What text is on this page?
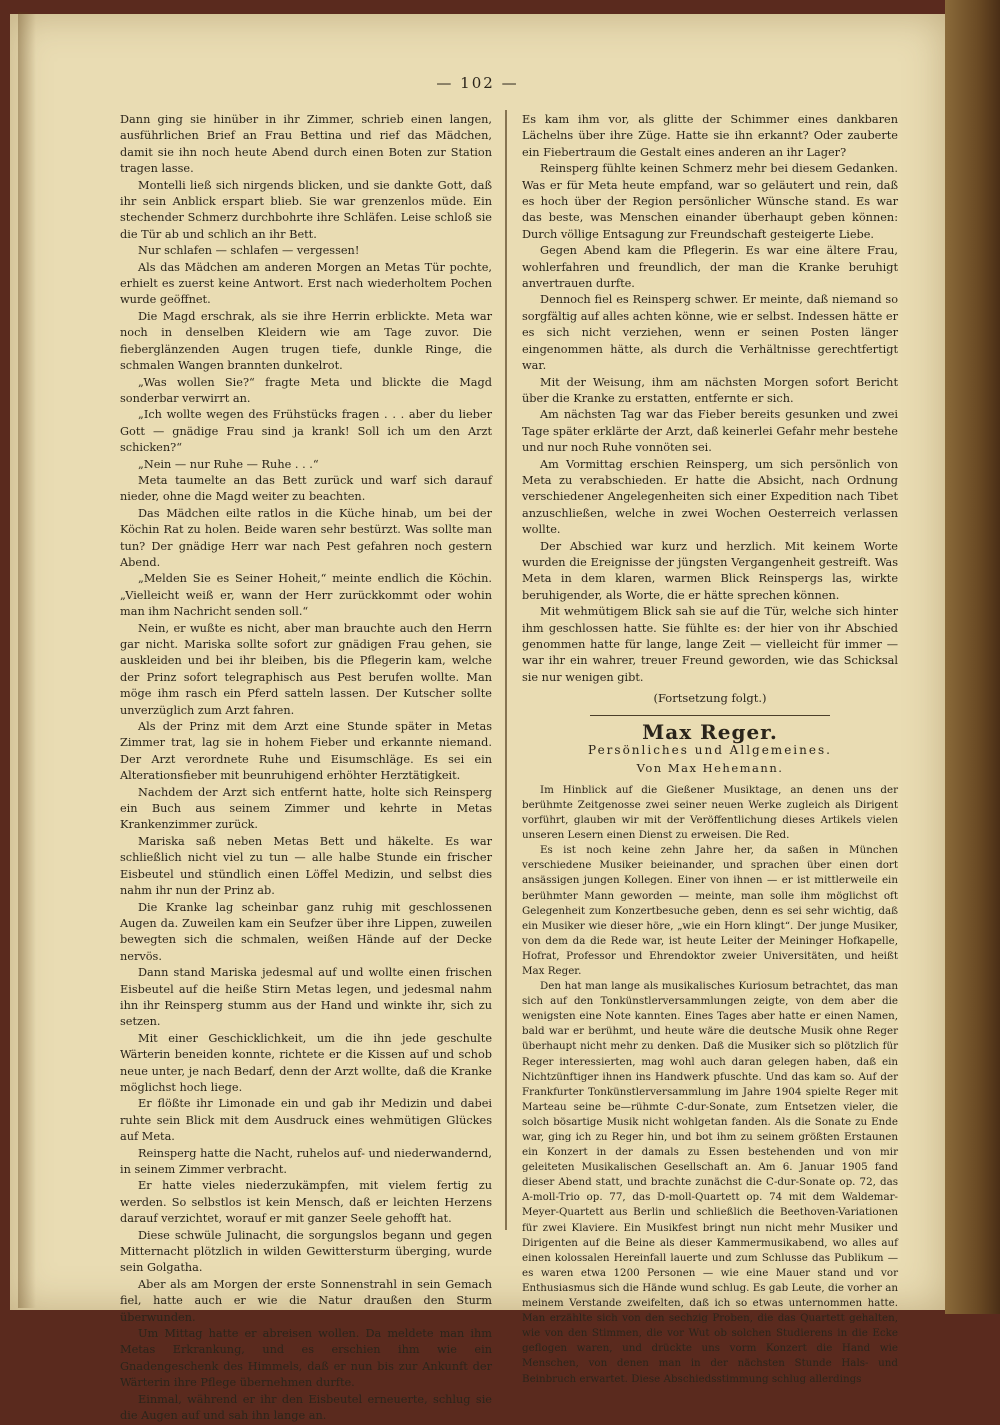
— 102 —

Dann ging sie hinüber in ihr Zimmer, schrieb einen langen, ausführlichen Brief an Frau Bettina und rief das Mädchen, damit sie ihn noch heute Abend durch einen Boten zur Station tragen lasse.

Montelli ließ sich nirgends blicken, und sie dankte Gott, daß ihr sein Anblick erspart blieb. Sie war grenzenlos müde. Ein stechender Schmerz durchbohrte ihre Schläfen. Leise schloß sie die Tür ab und schlich an ihr Bett.

Nur schlafen — schlafen — vergessen!

Als das Mädchen am anderen Morgen an Metas Tür pochte, erhielt es zuerst keine Antwort. Erst nach wiederholtem Pochen wurde geöffnet.

Die Magd erschrak, als sie ihre Herrin erblickte. Meta war noch in denselben Kleidern wie am Tage zuvor. Die fieberglänzenden Augen trugen tiefe, dunkle Ringe, die schmalen Wangen brannten dunkelrot.

„Was wollen Sie?“ fragte Meta und blickte die Magd sonderbar verwirrt an.

„Ich wollte wegen des Frühstücks fragen . . . aber du lieber Gott — gnädige Frau sind ja krank! Soll ich um den Arzt schicken?“

„Nein — nur Ruhe — Ruhe . . .“

Meta taumelte an das Bett zurück und warf sich darauf nieder, ohne die Magd weiter zu beachten.

Das Mädchen eilte ratlos in die Küche hinab, um bei der Köchin Rat zu holen. Beide waren sehr bestürzt. Was sollte man tun? Der gnädige Herr war nach Pest gefahren noch gestern Abend.

„Melden Sie es Seiner Hoheit,“ meinte endlich die Köchin. „Vielleicht weiß er, wann der Herr zurückkommt oder wohin man ihm Nachricht senden soll.“

Nein, er wußte es nicht, aber man brauchte auch den Herrn gar nicht. Mariska sollte sofort zur gnädigen Frau gehen, sie auskleiden und bei ihr bleiben, bis die Pflegerin kam, welche der Prinz sofort telegraphisch aus Pest berufen wollte. Man möge ihm rasch ein Pferd satteln lassen. Der Kutscher sollte unverzüglich zum Arzt fahren.

Als der Prinz mit dem Arzt eine Stunde später in Metas Zimmer trat, lag sie in hohem Fieber und erkannte niemand. Der Arzt verordnete Ruhe und Eisumschläge. Es sei ein Alterationsfieber mit beunruhigend erhöhter Herztätigkeit.

Nachdem der Arzt sich entfernt hatte, holte sich Reinsperg ein Buch aus seinem Zimmer und kehrte in Metas Krankenzimmer zurück.

Mariska saß neben Metas Bett und häkelte. Es war schließlich nicht viel zu tun — alle halbe Stunde ein frischer Eisbeutel und stündlich einen Löffel Medizin, und selbst dies nahm ihr nun der Prinz ab.

Die Kranke lag scheinbar ganz ruhig mit geschlossenen Augen da. Zuweilen kam ein Seufzer über ihre Lippen, zuweilen bewegten sich die schmalen, weißen Hände auf der Decke nervös.

Dann stand Mariska jedesmal auf und wollte einen frischen Eisbeutel auf die heiße Stirn Metas legen, und jedesmal nahm ihn ihr Reinsperg stumm aus der Hand und winkte ihr, sich zu setzen.

Mit einer Geschicklichkeit, um die ihn jede geschulte Wärterin beneiden konnte, richtete er die Kissen auf und schob neue unter, je nach Bedarf, denn der Arzt wollte, daß die Kranke möglichst hoch liege.

Er flößte ihr Limonade ein und gab ihr Medizin und dabei ruhte sein Blick mit dem Ausdruck eines wehmütigen Glückes auf Meta.

Reinsperg hatte die Nacht, ruhelos auf- und niederwandernd, in seinem Zimmer verbracht.

Er hatte vieles niederzukämpfen, mit vielem fertig zu werden. So selbstlos ist kein Mensch, daß er leichten Herzens darauf verzichtet, worauf er mit ganzer Seele gehofft hat.

Diese schwüle Julinacht, die sorgungslos begann und gegen Mitternacht plötzlich in wilden Gewittersturm überging, wurde sein Golgatha.

Aber als am Morgen der erste Sonnenstrahl in sein Gemach fiel, hatte auch er wie die Natur draußen den Sturm überwunden.

Um Mittag hatte er abreisen wollen. Da meldete man ihm Metas Erkrankung, und es erschien ihm wie ein Gnadengeschenk des Himmels, daß er nun bis zur Ankunft der Wärterin ihre Pflege übernehmen durfte.

Einmal, während er ihr den Eisbeutel erneuerte, schlug sie die Augen auf und sah ihn lange an.

Es kam ihm vor, als glitte der Schimmer eines dankbaren Lächelns über ihre Züge. Hatte sie ihn erkannt? Oder zauberte ein Fiebertraum die Gestalt eines anderen an ihr Lager?

Reinsperg fühlte keinen Schmerz mehr bei diesem Gedanken. Was er für Meta heute empfand, war so geläutert und rein, daß es hoch über der Region persönlicher Wünsche stand. Es war das beste, was Menschen einander überhaupt geben können: Durch völlige Entsagung zur Freundschaft gesteigerte Liebe.

Gegen Abend kam die Pflegerin. Es war eine ältere Frau, wohlerfahren und freundlich, der man die Kranke beruhigt anvertrauen durfte.

Dennoch fiel es Reinsperg schwer. Er meinte, daß niemand so sorgfältig auf alles achten könne, wie er selbst. Indessen hätte er es sich nicht verziehen, wenn er seinen Posten länger eingenommen hätte, als durch die Verhältnisse gerechtfertigt war.

Mit der Weisung, ihm am nächsten Morgen sofort Bericht über die Kranke zu erstatten, entfernte er sich.

Am nächsten Tag war das Fieber bereits gesunken und zwei Tage später erklärte der Arzt, daß keinerlei Gefahr mehr bestehe und nur noch Ruhe vonnöten sei.

Am Vormittag erschien Reinsperg, um sich persönlich von Meta zu verabschieden. Er hatte die Absicht, nach Ordnung verschiedener Angelegenheiten sich einer Expedition nach Tibet anzuschließen, welche in zwei Wochen Oesterreich verlassen wollte.

Der Abschied war kurz und herzlich. Mit keinem Worte wurden die Ereignisse der jüngsten Vergangenheit gestreift. Was Meta in dem klaren, warmen Blick Reinspergs las, wirkte beruhigender, als Worte, die er hätte sprechen können.

Mit wehmütigem Blick sah sie auf die Tür, welche sich hinter ihm geschlossen hatte. Sie fühlte es: der hier von ihr Abschied genommen hatte für lange, lange Zeit — vielleicht für immer — war ihr ein wahrer, treuer Freund geworden, wie das Schicksal sie nur wenigen gibt.

(Fortsetzung folgt.)
Max Reger.
Persönliches und Allgemeines.
Von Max Hehemann.

Im Hinblick auf die Gießener Musiktage, an denen uns der berühmte Zeitgenosse zwei seiner neuen Werke zugleich als Dirigent vorführt, glauben wir mit der Veröffentlichung dieses Artikels vielen unseren Lesern einen Dienst zu erweisen. Die Red.

Es ist noch keine zehn Jahre her, da saßen in München verschiedene Musiker beieinander, und sprachen über einen dort ansässigen jungen Kollegen. Einer von ihnen — er ist mittlerweile ein berühmter Mann geworden — meinte, man solle ihm möglichst oft Gelegenheit zum Konzertbesuche geben, denn es sei sehr wichtig, daß ein Musiker wie dieser höre, „wie ein Horn klingt“. Der junge Musiker, von dem da die Rede war, ist heute Leiter der Meininger Hofkapelle, Hofrat, Professor und Ehrendoktor zweier Universitäten, und heißt Max Reger.

Den hat man lange als musikalisches Kuriosum betrachtet, das man sich auf den Tonkünstlerversammlungen zeigte, von dem aber die wenigsten eine Note kannten. Eines Tages aber hatte er einen Namen, bald war er berühmt, und heute wäre die deutsche Musik ohne Reger überhaupt nicht mehr zu denken. Daß die Musiker sich so plötzlich für Reger interessierten, mag wohl auch daran gelegen haben, daß ein Nichtzünftiger ihnen ins Handwerk pfuschte. Und das kam so. Auf der Frankfurter Tonkünstlerversammlung im Jahre 1904 spielte Reger mit Marteau seine be—rühmte C-dur-Sonate, zum Entsetzen vieler, die solch bösartige Musik nicht wohlgetan fanden. Als die Sonate zu Ende war, ging ich zu Reger hin, und bot ihm zu seinem größten Erstaunen ein Konzert in der damals zu Essen bestehenden und von mir geleiteten Musikalischen Gesellschaft an. Am 6. Januar 1905 fand dieser Abend statt, und brachte zunächst die C-dur-Sonate op. 72, das A-moll-Trio op. 77, das D-moll-Quartett op. 74 mit dem Waldemar-Meyer-Quartett aus Berlin und schließlich die Beethoven-Variationen für zwei Klaviere. Ein Musikfest bringt nun nicht mehr Musiker und Dirigenten auf die Beine als dieser Kammermusikabend, wo alles auf einen kolossalen Hereinfall lauerte und zum Schlusse das Publikum — es waren etwa 1200 Personen — wie eine Mauer stand und vor Enthusiasmus sich die Hände wund schlug. Es gab Leute, die vorher an meinem Verstande zweifelten, daß ich so etwas unternommen hatte. Man erzählte sich von den sechzig Proben, die das Quartett gehalten, wie von den Stimmen, die vor Wut ob solchen Studierens in die Ecke geflogen waren, und drückte uns vorm Konzert die Hand wie Menschen, von denen man in der nächsten Stunde Hals- und Beinbruch erwartet. Diese Abschiedsstimmung schlug allerdings
